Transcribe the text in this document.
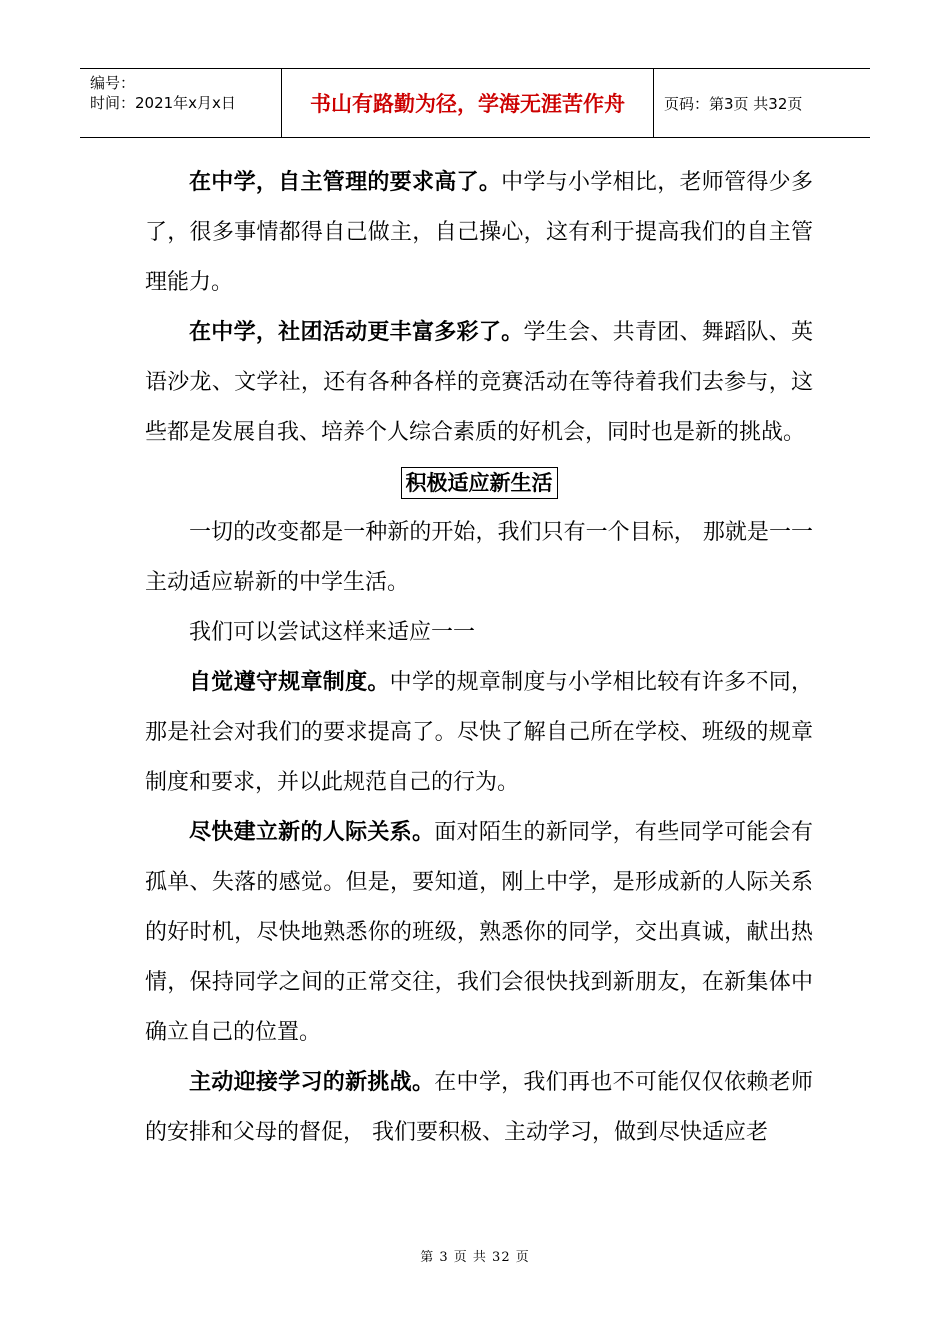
编号：
时间：2021年x月x日	书山有路勤为径，学海无涯苦作舟	页码：第3页 共32页

在中学，自主管理的要求高了。中学与小学相比，老师管得少多了，很多事情都得自己做主，自己操心，这有利于提高我们的自主管理能力。

在中学，社团活动更丰富多彩了。学生会、共青团、舞蹈队、英语沙龙、文学社，还有各种各样的竞赛活动在等待着我们去参与，这些都是发展自我、培养个人综合素质的好机会，同时也是新的挑战。

积极适应新生活

一切的改变都是一种新的开始，我们只有一个目标， 那就是一一主动适应崭新的中学生活。

我们可以尝试这样来适应一一

自觉遵守规章制度。中学的规章制度与小学相比较有许多不同，那是社会对我们的要求提高了。尽快了解自己所在学校、班级的规章制度和要求，并以此规范自己的行为。

尽快建立新的人际关系。面对陌生的新同学，有些同学可能会有孤单、失落的感觉。但是，要知道，刚上中学，是形成新的人际关系的好时机，尽快地熟悉你的班级，熟悉你的同学，交出真诚，献出热情，保持同学之间的正常交往，我们会很快找到新朋友，在新集体中确立自己的位置。

主动迎接学习的新挑战。在中学，我们再也不可能仅仅依赖老师的安排和父母的督促， 我们要积极、主动学习，做到尽快适应老

第 3 页 共 32 页
